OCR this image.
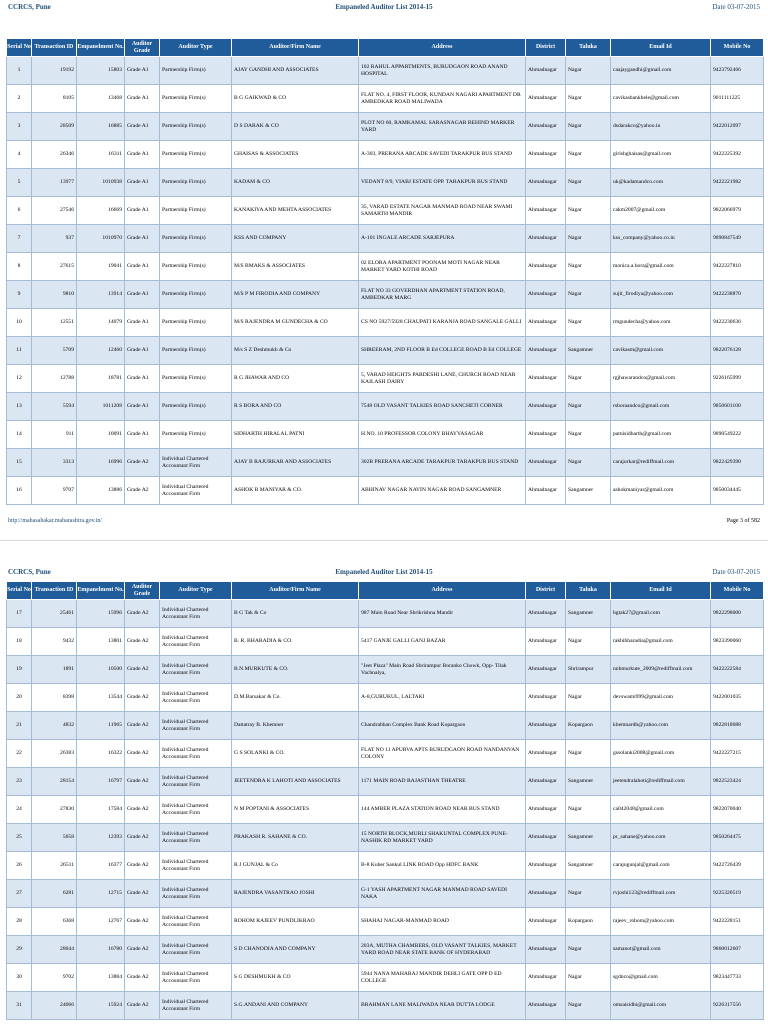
CCRCS, Pune	Empaneled Auditor List 2014-15	Date 03-07-2015
Serial No	Transaction ID	Empanelment No.	Auditor Grade	Auditor Type	Auditor/Firm Name	Address	District	Taluka	Email Id	Mobile No
1	19192	15803	Grade A1	Partnership Firm(s)	AJAY GANDHI AND ASSOCIATES	102 RAHUL APPARTMENTS, BURUDGAON ROAD ANAND HOSPITAL	Ahmadnagar	Nagar	caajaygandhi@gmail.com	9423792466
2	8105	13468	Grade A1	Partnership Firm(s)	B G GAIKWAD & CO	FLAT NO. 4, FIRST FLOOR, KUNDAN NAGARI APARTMENT DR AMBEDKAR ROAD MALIWADA	Ahmadnagar	Nagar	cavikasbankhele@gmail.com	9011111225
3	28509	16885	Grade A1	Partnership Firm(s)	D S DARAK & CO	PLOT NO 60, RAMKAMAL SARASNAGAR BEHIND MARKER YARD	Ahmadnagar	Nagar	dsdarakco@yahoo.in	9422012097
4	26346	16311	Grade A1	Partnership Firm(s)	GHAISAS & ASSOCIATES	A-303, PRERANA ARCADE SAVEDI TARAKPUR BUS STAND	Ahmadnagar	Nagar	girishghaisas@gmail.com	9422225392
5	13977	1010938	Grade A1	Partnership Firm(s)	KADAM & CO	VEDANT 8/9, VIABJ ESTATE OPP. TARAKPUR BUS STAND	Ahmadnagar	Nagar	uk@kadamandco.com	9422221982
6	27546	16669	Grade A1	Partnership Firm(s)	KANAKIYA AND MEHTA ASSOCIATES	35, VARAD ESTATE NAGAR MANMAD ROAD NEAR SWAMI SAMARTH MANDIR	Ahmadnagar	Nagar	cakm2007@gmail.com	9822066979
7	937	1010970	Grade A1	Partnership Firm(s)	KSS AND COMPANY	A-101 INGALE ARCADE SARJEPURA	Ahmadnagar	Nagar	kss_company@yahoo.co.in	9890847549
8	27615	19041	Grade A1	Partnership Firm(s)	M/S BMAKS & ASSOCIATES	02 ELORA APARTMENT POONAM MOTI NAGAR NEAR MARKET YARD KOTHI ROAD	Ahmadnagar	Nagar	monica.a.bora@gmail.com	9422227810
9	9810	13914	Grade A1	Partnership Firm(s)	M/S P M FIRODIA AND COMPANY	FLAT NO 33 GOVERDHAN APARTMENT STATION ROAD, AMBEDKAR MARG	Ahmadnagar	Nagar	sujit_firodiya@yahoo.com	9422238870
10	12551	14079	Grade A1	Partnership Firm(s)	M/S RAJENDRA M GUNDECHA & CO	CS NO 5927/5928 CHAUPATI KARANJA ROAD SANGALE GALLI	Ahmadnagar	Nagar	rmgundecha@yahoo.com	9422230636
11	5709	12460	Grade A1	Partnership Firm(s)	M/s S Z Deshmukh & Co	SHREERAM, 2ND FLOOR B Ed COLLEGE ROAD B Ed COLLEGE	Ahmadnagar	Sangamner	cavikasm@gmail.com	9822076128
12	12788	18781	Grade A1	Partnership Firm(s)	R G JHAWAR AND CO	5, VARAD HEIGHTS PARDESHI LANE, CHURCH ROAD NEAR KAILASH DAIRY	Ahmadnagar	Nagar	rgjhawarandco@gmail.com	9226165999
13	5594	1011208	Grade A1	Partnership Firm(s)	R S BORA AND CO	7548 OLD VASANT TALKIES ROAD SANCHETI CORNER	Ahmadnagar	Nagar	rsboraandco@gmail.com	9850601100
14	911	10091	Grade A1	Partnership Firm(s)	SIDHARTH HIRALAL PATNI	H.NO. 10 PROFESSOR COLONY BHAYYASAGAR	Ahmadnagar	Nagar	patnisidharth@gmail.com	9890549222
15	3313	16996	Grade A2	Individual Chartered Accountant Firm	AJAY B RAJURKAR AND ASSOCIATES	302B PRERANA ARCADE TARAKPUR TARAKPUR BUS STAND	Ahmadnagar	Nagar	carajurkar@rediffmail.com	9822429390
16	9707	13886	Grade A2	Individual Chartered Accountant Firm	ASHOK B MANIYAR & CO.	ABHINAV NAGAR NAVIN NAGAR ROAD SANGAMNER	Ahmadnagar	Sangamner	ashokmaniyar@gmail.com	9850034445
http://mahasahakar.maharashtra.gov.in/	Page 3 of 582
CCRCS, Pune	Empaneled Auditor List 2014-15	Date 03-07-2015
Serial No	Transaction ID	Empanelment No.	Auditor Grade	Auditor Type	Auditor/Firm Name	Address	District	Taluka	Email Id	Mobile No
17	25461	15996	Grade A2	Individual Chartered Accountant Firm	B G Tak & Co	987 Main Road Near Shrikrishna Mandir	Ahmadnagar	Sangamner	bgtak27@gmail.com	9822298000
18	9432	13801	Grade A2	Individual Chartered Accountant Firm	B. R. BHARADIA & CO.	5417 GANJE GALLI GANJ BAZAR	Ahmadnagar	Nagar	rakhibharadia@gmail.com	9823390060
19	1891	10500	Grade A2	Individual Chartered Accountant Firm	B.N.MURKUTE & CO.	"Jeet Plaza" Main Road Shrirampur Boranko Chowk, Opp- Tilak Vachnalya,	Ahmadnagar	Shrirampur	nnbmurkute_2009@rediffmail.com	9422222584
20	8398	13544	Grade A2	Individual Chartered Accountant Firm	D.M.Barsakar & Co.	A-8,GURUKUL, LALTAKI	Ahmadnagar	Nagar	devswami999@gmail.com	9422001035
21	4832	11965	Grade A2	Individual Chartered Accountant Firm	Dattatray B. Khemner	Chandrabhan Complex Bank Road Kopargaon	Ahmadnagar	Kopargaon	khemnardb@yahoo.com	9822818088
22	26383	16322	Grade A2	Individual Chartered Accountant Firm	G S SOLANKI & CO.	FLAT NO 11 APURVA APTS BURUDGAON ROAD NANDANVAN COLONY	Ahmadnagar	Nagar	gssolanki2008@gmail.com	9422227215
23	28154	16797	Grade A2	Individual Chartered Accountant Firm	JEETENDRA K LAHOTI AND ASSOCIATES	1171 MAIN ROAD RAJASTHAN THEATRE	Ahmadnagar	Sangamner	jeetendralahoti@rediffmail.com	9822523424
24	27830	17584	Grade A2	Individual Chartered Accountant Firm	N M POPTANI & ASSOCIATES	144 AMBER PLAZA STATION ROAD NEAR BUS STAND	Ahmadnagar	Nagar	ca042048@gmail.com	9822070040
25	5658	12393	Grade A2	Individual Chartered Accountant Firm	PRAKASH R. SAHANE & CO.	15 NORTH BLOCK,MURLI SHAKUNTAL COMPLEX PUNE-NASHIK RD MARKET YARD	Ahmadnagar	Sangamner	pr_sahane@yahoo.com	9850264475
26	26511	16377	Grade A2	Individual Chartered Accountant Firm	R J GUNJAL & Co	B-8 Kuber Sankul LINK ROAD Opp HDFC BANK	Ahmadnagar	Sangamner	carajugunjal@gmail.com	9422726439
27	6281	12715	Grade A2	Individual Chartered Accountant Firm	RAJENDRA VASANTRAO JOSHI	G-1 YASH APARTMENT NAGAR MANMAD ROAD SAVEDI NAKA	Ahmadnagar	Nagar	rvjoshi123@rediffmail.com	9225320519
28	6368	12767	Grade A2	Individual Chartered Accountant Firm	ROHOM RAJEEV PUNDLIKRAO	SHAHAJ NAGAR-MANMAD ROAD	Ahmadnagar	Kopargaon	rajeev_rohom@yahoo.com	9422228151
29	28044	16780	Grade A2	Individual Chartered Accountant Firm	S D CHANODIA AND COMPANY	203A, MUTHA CHAMBERS, OLD VASANT TALKIES, MARKET YARD ROAD NEAR STATE BANK OF HYDERABAD	Ahmadnagar	Nagar	samanot@gmail.com	9860012607
30	9702	13884	Grade A2	Individual Chartered Accountant Firm	S G DESHMUKH & CO	5944 NANA MAHARAJ MANDIR DEHLI GATE OPP D ED COLLEGE	Ahmadnagar	Nagar	sgdnco@gmail.com	9823447733
31	24066	15924	Grade A2	Individual Chartered Accountant Firm	S.G.ANDANI AND COMPANY	BRAHMAN LANE MALIWADA NEAR DUTTA LODGE	Ahmadnagar	Nagar	omsaisidhi@gmail.com	9226317556
